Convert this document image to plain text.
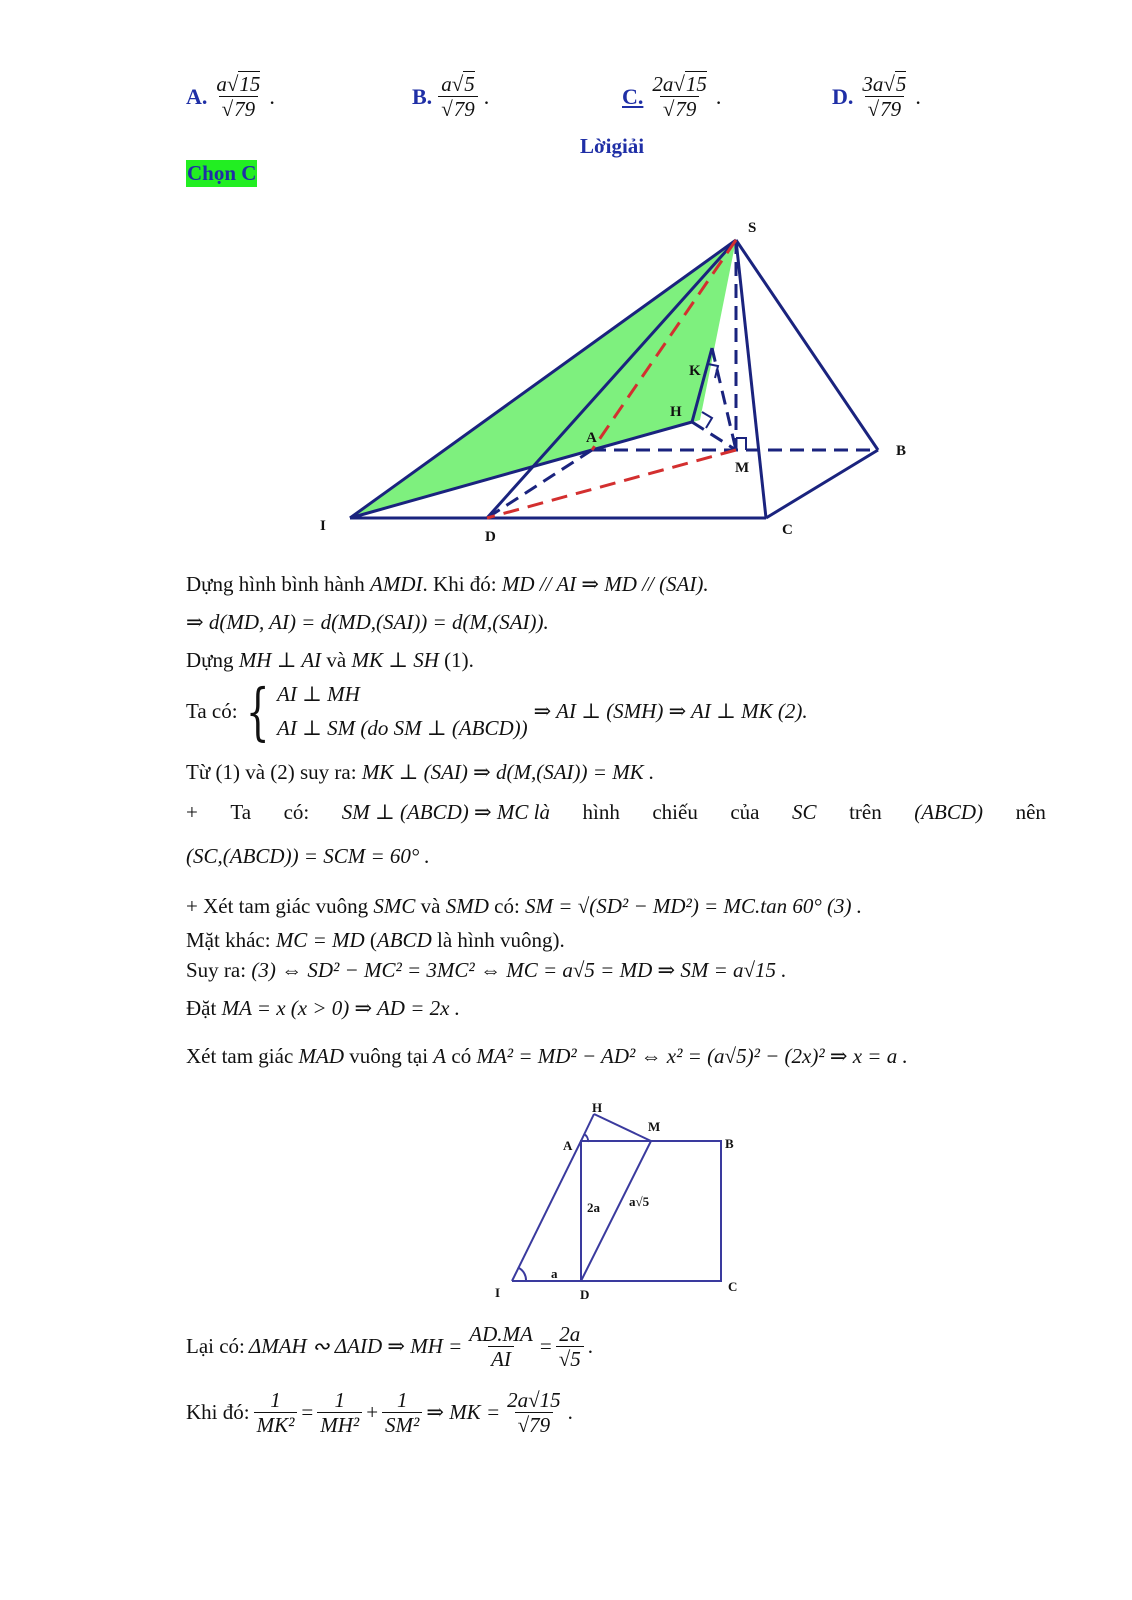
A. $\frac{a√15}{√79}$ .	B. $\frac{a√5}{√79}$ .	C. $\frac{2a√15}{√79}$ .	D. $\frac{3a√5}{√79}$ .
Lờigiải
Chọn C
S
B
C
D
I
A
M
H
K
Dựng hình bình hành AMDI. Khi đó: MD // AI ⇒ MD // (SAI).
⇒ d(MD, AI) = d(MD,(SAI)) = d(M,(SAI)).
Dựng MH ⊥ AI và MK ⊥ SH (1).
Ta có: { AI ⊥ MH
AI ⊥ SM (do SM ⊥ (ABCD))
⇒ AI ⊥ (SMH) ⇒ AI ⊥ MK (2).
Từ (1) và (2) suy ra: MK ⊥ (SAI) ⇒ d(M,(SAI)) = MK .
+ Ta có: SM ⊥ (ABCD) ⇒ MC là hình chiếu của SC trên (ABCD) nên
(SC,(ABCD)) = SCM = 60° .
+ Xét tam giác vuông SMC và SMD có: SM = √(SD² − MD²) = MC.tan 60° (3) .
Mặt khác: MC = MD (ABCD là hình vuông).
Suy ra: (3) ⇔ SD² − MC² = 3MC² ⇔ MC = a√5 = MD ⇒ SM = a√15 .
Đặt MA = x (x > 0) ⇒ AD = 2x .
Xét tam giác MAD vuông tại A có MA² = MD² − AD² ⇔ x² = (a√5)² − (2x)² ⇒ x = a .
H
M
A	B
I	D
C
2a a√5
a
Lại có: ΔMAH ∾ ΔAID ⇒ MH = $\frac{AD.MA}{AI} = \frac{2a}{√5}$ .
Khi đó: $\frac{1}{\text{MK²}} = \frac{1}{\text{MH²}} + \frac{1}{\text{SM²}}$ ⇒ MK = $\frac{2a√15}{√79}$ .
